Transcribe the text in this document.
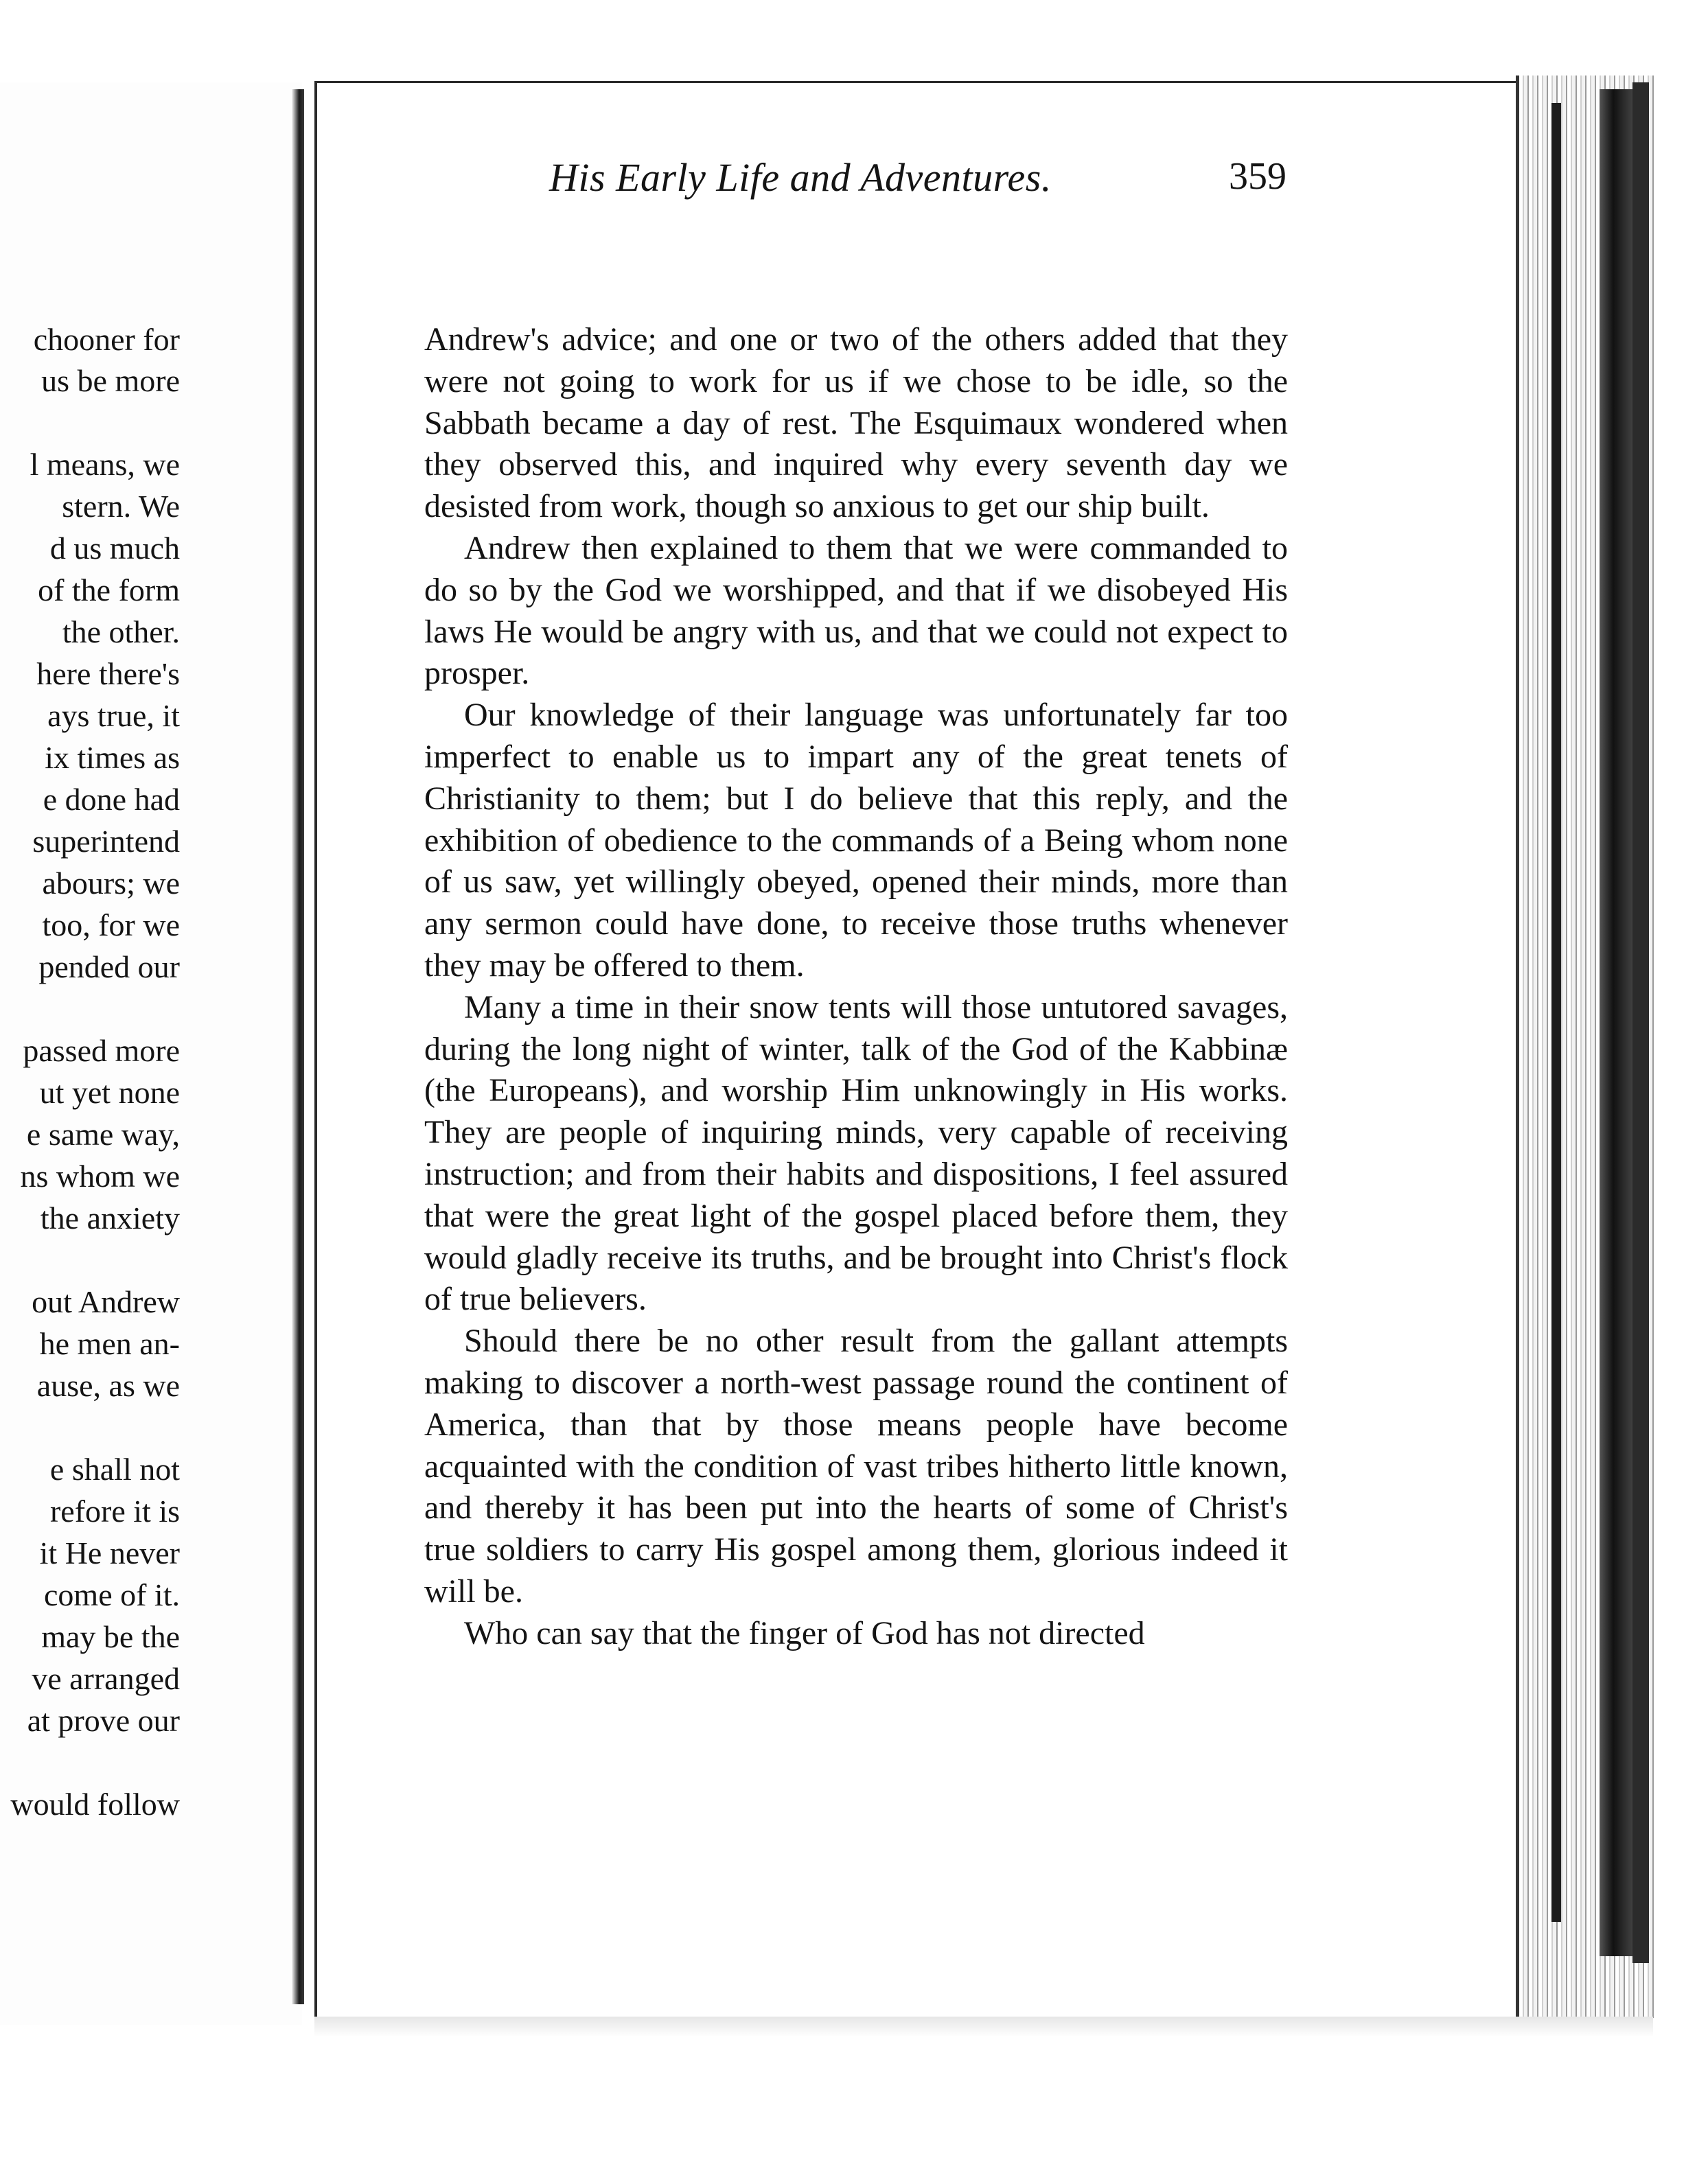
chooner for
us be more
l means, we
stern. We
d us much
of the form
the other.
here there's
ays true, it
ix times as
e done had
superintend
abours; we
too, for we
pended our
passed more
ut yet none
e same way,
ns whom we
the anxiety
out Andrew
he men an-
ause, as we
e shall not
refore it is
it He never
come of it.
may be the
ve arranged
at prove our
would follow
His Early Life and Adventures.	359

Andrew's advice; and one or two of the others added that they were not going to work for us if we chose to be idle, so the Sabbath became a day of rest. The Esquimaux wondered when they observed this, and inquired why every seventh day we desisted from work, though so anxious to get our ship built.

Andrew then explained to them that we were commanded to do so by the God we worshipped, and that if we disobeyed His laws He would be angry with us, and that we could not expect to prosper.

Our knowledge of their language was unfortunately far too imperfect to enable us to impart any of the great tenets of Christianity to them; but I do believe that this reply, and the exhibition of obedience to the commands of a Being whom none of us saw, yet willingly obeyed, opened their minds, more than any sermon could have done, to receive those truths whenever they may be offered to them.

Many a time in their snow tents will those untutored savages, during the long night of winter, talk of the God of the Kabbinæ (the Europeans), and worship Him unknowingly in His works. They are people of inquiring minds, very capable of receiving instruction; and from their habits and dispositions, I feel assured that were the great light of the gospel placed before them, they would gladly receive its truths, and be brought into Christ's flock of true believers.

Should there be no other result from the gallant attempts making to discover a north-west passage round the continent of America, than that by those means people have become acquainted with the condition of vast tribes hitherto little known, and thereby it has been put into the hearts of some of Christ's true soldiers to carry His gospel among them, glorious indeed it will be.

Who can say that the finger of God has not directed
